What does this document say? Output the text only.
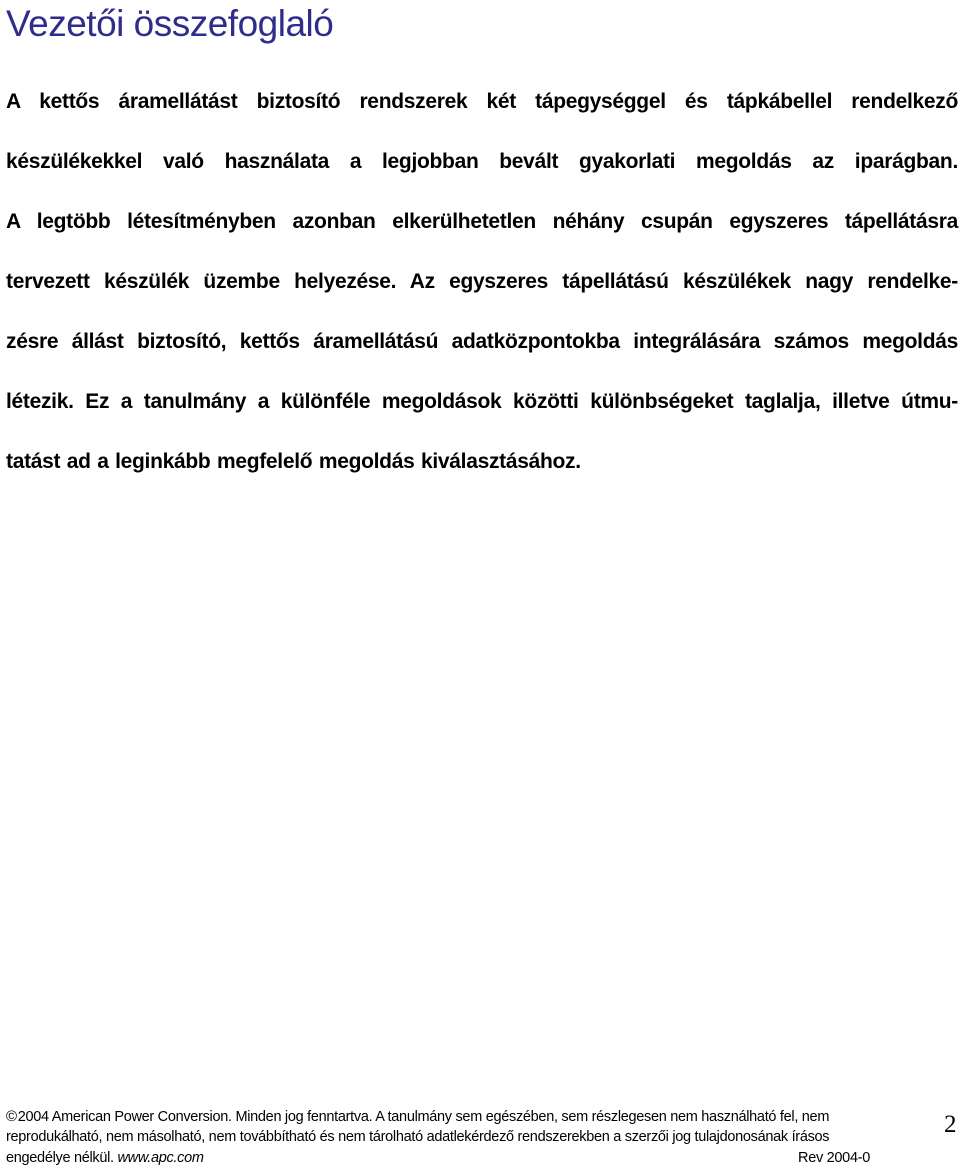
Vezetői összefoglaló
A kettős áramellátást biztosító rendszerek két tápegységgel és tápkábellel rendelkező
készülékekkel való használata a legjobban bevált gyakorlati megoldás az iparágban.
A legtöbb létesítményben azonban elkerülhetetlen néhány csupán egyszeres tápellátásra
tervezett készülék üzembe helyezése. Az egyszeres tápellátású készülékek nagy rendelke-
zésre állást biztosító, kettős áramellátású adatközpontokba integrálására számos megoldás
létezik. Ez a tanulmány a különféle megoldások közötti különbségeket taglalja, illetve útmu-
tatást ad a leginkább megfelelő megoldás kiválasztásához.
©2004 American Power Conversion. Minden jog fenntartva. A tanulmány sem egészében, sem részlegesen nem használható fel, nem
reprodukálható, nem másolható, nem továbbítható és nem tárolható adatlekérdező rendszerekben a szerzői jog tulajdonosának írásos
engedélye nélkül. www.apc.com	Rev 2004-0
2
